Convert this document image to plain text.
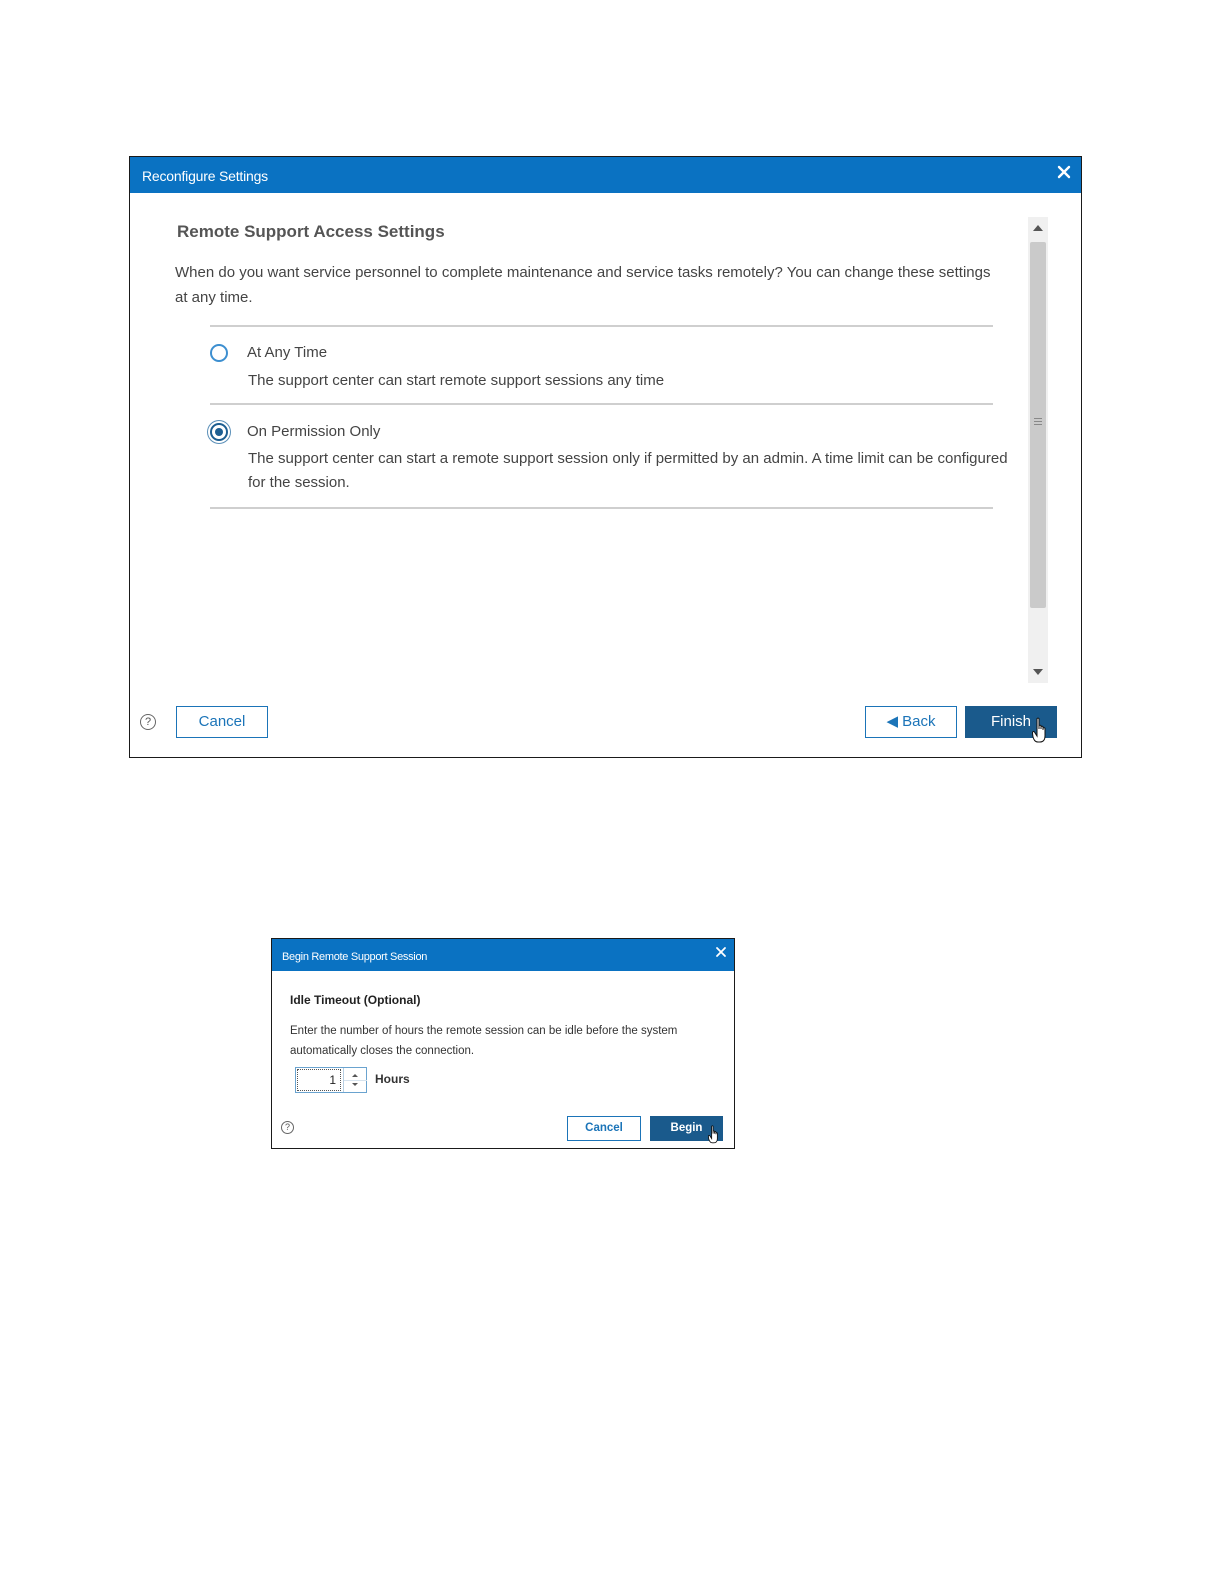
Reconfigure Settings
Remote Support Access Settings
When do you want service personnel to complete maintenance and service tasks remotely? You can change these settings at any time.
At Any Time
The support center can start remote support sessions any time
On Permission Only
The support center can start a remote support session only if permitted by an admin. A time limit can be configured for the session.
?	Cancel	◀ Back	Finish
Begin Remote Support Session
Idle Timeout (Optional)
Enter the number of hours the remote session can be idle before the system automatically closes the connection.
1	Hours
?	Cancel	Begin
